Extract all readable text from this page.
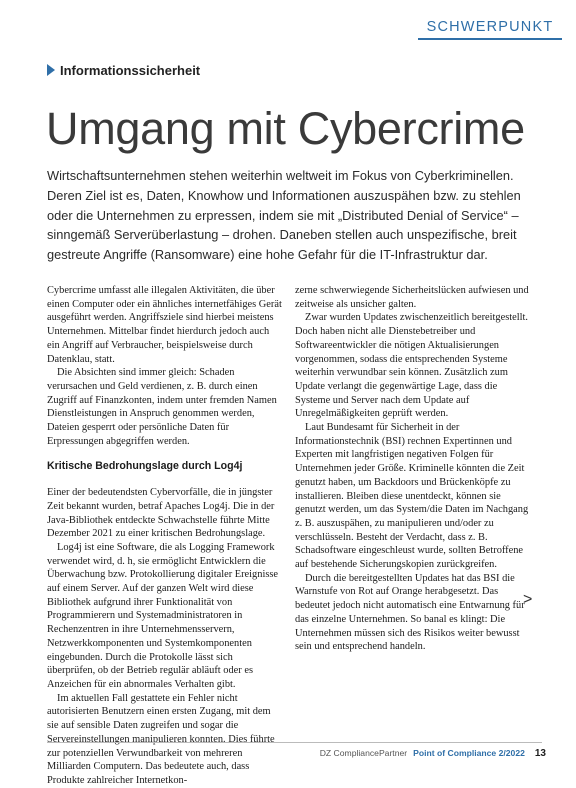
SCHWERPUNKT
Informationssicherheit
Umgang mit Cybercrime

Wirtschaftsunternehmen stehen weiterhin weltweit im Fokus von Cyberkriminellen. Deren Ziel ist es, Daten, Knowhow und Informationen auszuspähen bzw. zu stehlen oder die Unternehmen zu erpressen, indem sie mit „Distributed Denial of Service“ – sinngemäß Serverüberlastung – drohen. Daneben stellen auch unspezifische, breit gestreute Angriffe (Ransomware) eine hohe Gefahr für die IT-Infrastruktur dar.

Cybercrime umfasst alle illegalen Aktivitäten, die über einen Computer oder ein ähnliches internetfähiges Gerät ausgeführt werden. Angriffsziele sind hierbei meistens Unternehmen. Mittelbar findet hierdurch jedoch auch ein Angriff auf Verbraucher, beispielsweise durch Datenklau, statt.

Die Absichten sind immer gleich: Schaden verursachen und Geld verdienen, z. B. durch einen Zugriff auf Finanzkonten, indem unter fremden Namen Dienstleistungen in Anspruch genommen werden, Dateien gesperrt oder persönliche Daten für Erpressungen abgegriffen werden.

Kritische Bedrohungslage durch Log4j

Einer der bedeutendsten Cybervorfälle, die in jüngster Zeit bekannt wurden, betraf Apaches Log4j. Die in der Java-Bibliothek entdeckte Schwachstelle führte Mitte Dezember 2021 zu einer kritischen Bedrohungslage.

Log4j ist eine Software, die als Logging Framework verwendet wird, d. h, sie ermöglicht Entwicklern die Überwachung bzw. Protokollierung digitaler Ereignisse auf einem Server. Auf der ganzen Welt wird diese Bibliothek aufgrund ihrer Funktionalität von Programmierern und Systemadministratoren in Rechenzentren in ihre Unternehmensservern, Netzwerkkomponenten und Systemkomponenten eingebunden. Durch die Protokolle lässt sich überprüfen, ob der Betrieb regulär abläuft oder es Anzeichen für ein abnormales Verhalten gibt.

Im aktuellen Fall gestattete ein Fehler nicht autorisierten Benutzern einen ersten Zugang, mit dem sie auf sensible Daten zugreifen und sogar die Servereinstellungen manipulieren konnten. Dies führte zur potenziellen Verwundbarkeit von mehreren Milliarden Computern. Das bedeutete auch, dass Produkte zahlreicher Internetkon-

zerne schwerwiegende Sicherheitslücken aufwiesen und zeitweise als unsicher galten.

Zwar wurden Updates zwischenzeitlich bereitgestellt. Doch haben nicht alle Dienstebetreiber und Softwareentwickler die nötigen Aktualisierungen vorgenommen, sodass die entsprechenden Systeme weiterhin verwundbar sein können. Zusätzlich zum Update verlangt die gegenwärtige Lage, dass die Systeme und Server nach dem Update auf Unregelmäßigkeiten geprüft werden.

Laut Bundesamt für Sicherheit in der Informationstechnik (BSI) rechnen Expertinnen und Experten mit langfristigen negativen Folgen für Unternehmen jeder Größe. Kriminelle könnten die Zeit genutzt haben, um Backdoors und Brückenköpfe zu installieren. Bleiben diese unentdeckt, können sie genutzt werden, um das System/die Daten im Nachgang z. B. auszuspähen, zu manipulieren und/oder zu verschlüsseln. Besteht der Verdacht, dass z. B. Schadsoftware eingeschleust wurde, sollten Betroffene auf bestehende Sicherungskopien zurückgreifen.

Durch die bereitgestellten Updates hat das BSI die Warnstufe von Rot auf Orange herabgesetzt. Das bedeutet jedoch nicht automatisch eine Entwarnung für das einzelne Unternehmen. So banal es klingt: Die Unternehmen müssen sich des Risikos weiter bewusst sein und entsprechend handeln.

>
DZ CompliancePartner Point of Compliance 2/2022 13
